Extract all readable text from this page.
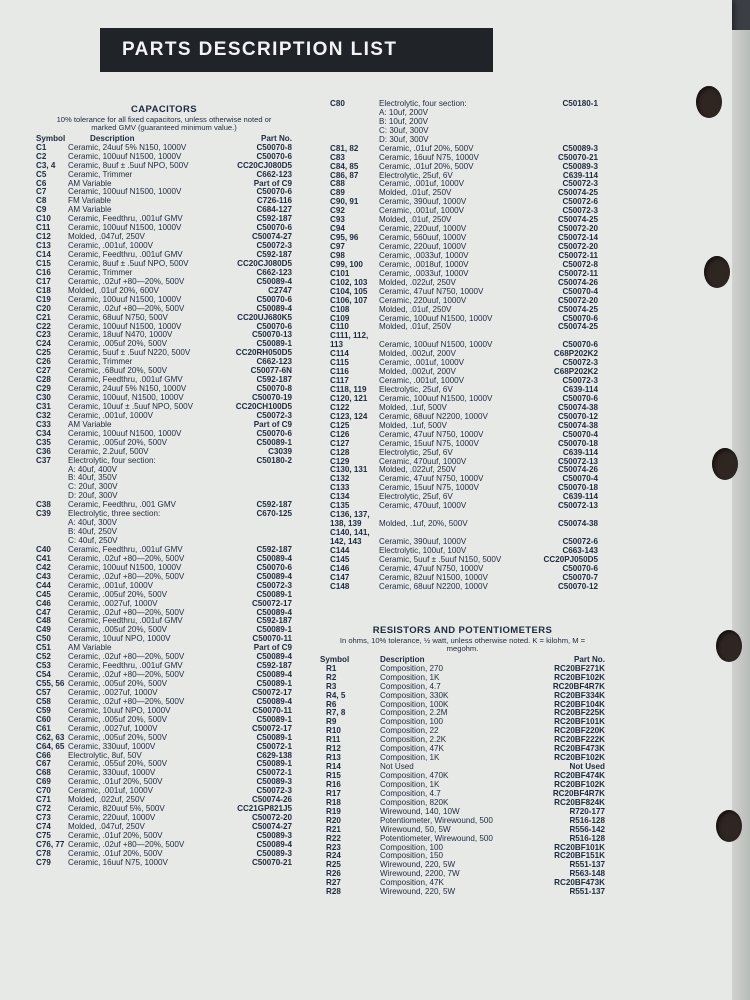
PARTS DESCRIPTION LIST
CAPACITORS
10% tolerance for all fixed capacitors, unless otherwise noted or marked GMV (guaranteed minimum value.)
Symbol	Description	Part No.
C1	Ceramic, 24uuf 5% N150, 1000V	C50070-8
C2	Ceramic, 100uuf N1500, 1000V	C50070-6
C3, 4 Ceramic, 8uuf ± .5uuf NPO, 500V	CC20CJ080D5
C5	Ceramic, Trimmer	C662-123
C6	AM Variable	Part of C9
C7	Ceramic, 100uuf N1500, 1000V	C50070-6
C8	FM Variable	C726-116
C9	AM Variable	C684-127
C10 Ceramic, Feedthru, .001uf GMV	C592-187
C11 Ceramic, 100uuf N1500, 1000V	C50070-6
C12 Molded, .047uf, 250V	C50074-27
C13 Ceramic, .001uf, 1000V	C50072-3
C14 Ceramic, Feedthru, .001uf GMV	C592-187
C15 Ceramic, 8uuf ± .5uuf NPO, 500V	CC20CJ080D5
C16 Ceramic, Trimmer	C662-123
C17 Ceramic, .02uf +80—20%, 500V	C50089-4
C18 Molded, .01uf 20%, 600V	C2747
C19 Ceramic, 100uuf N1500, 1000V	C50070-6
C20 Ceramic, .02uf +80—20%, 500V	C50089-4
C21 Ceramic, 68uuf N750, 500V	CC20UJ680K5
C22 Ceramic, 100uuf N1500, 1000V	C50070-6
C23 Ceramic, 18uuf N470, 1000V	C50070-13
C24 Ceramic, .005uf 20%, 500V	C50089-1
C25 Ceramic, 5uuf ± .5uuf N220, 500V	CC20RH050D5
C26 Ceramic, Trimmer	C662-123
C27 Ceramic, .68uuf 20%, 500V	C50077-6N
C28 Ceramic, Feedthru, .001uf GMV	C592-187
C29 Ceramic, 24uuf 5% N150, 1000V	C50070-8
C30 Ceramic, 100uuf, N1500, 1000V	C50070-19
C31 Ceramic, 10uuf ± .5uuf NPO, 500V	CC20CH100D5
C32 Ceramic, .001uf, 1000V	C50072-3
C33 AM Variable	Part of C9
C34 Ceramic, 100uuf N1500, 1000V	C50070-6
C35 Ceramic, .005uf 20%, 500V	C50089-1
C36 Ceramic, 2.2uuf, 500V	C3039
C37 Electrolytic, four section:	C50180-2
A: 40uf, 400V
B: 40uf, 350V
C: 20uf, 300V
D: 20uf, 300V
C38 Ceramic, Feedthru, .001 GMV	C592-187
C39 Electrolytic, three section:	C670-125
A: 40uf, 300V
B: 40uf, 250V
C: 40uf, 250V
C40 Ceramic, Feedthru, .001uf GMV	C592-187
C41 Ceramic, .02uf +80—20%, 500V	C50089-4
C42 Ceramic, 100uuf N1500, 1000V	C50070-6
C43 Ceramic, .02uf +80—20%, 500V	C50089-4
C44 Ceramic, .001uf, 1000V	C50072-3
C45 Ceramic, .005uf 20%, 500V	C50089-1
C46 Ceramic, .0027uf, 1000V	C50072-17
C47 Ceramic, .02uf +80—20%, 500V	C50089-4
C48 Ceramic, Feedthru, .001uf GMV	C592-187
C49 Ceramic, .005uf 20%, 500V	C50089-1
C50 Ceramic, 10uuf NPO, 1000V	C50070-11
C51 AM Variable	Part of C9
C52 Ceramic, .02uf +80—20%, 500V	C50089-4
C53 Ceramic, Feedthru, .001uf GMV	C592-187
C54 Ceramic, .02uf +80—20%, 500V	C50089-4
C55, 56 Ceramic, .005uf 20%, 500V	C50089-1
C57 Ceramic, .0027uf, 1000V	C50072-17
C58 Ceramic, .02uf +80—20%, 500V	C50089-4
C59 Ceramic, 10uuf NPO, 1000V	C50070-11
C60 Ceramic, .005uf 20%, 500V	C50089-1
C61 Ceramic, .0027uf, 1000V	C50072-17
C62, 63 Ceramic, .005uf 20%, 500V	C50089-1
C64, 65 Ceramic, 330uuf, 1000V	C50072-1
C66 Electrolytic, 8uf, 50V	C629-138
C67 Ceramic, .055uf 20%, 500V	C50089-1
C68 Ceramic, 330uuf, 1000V	C50072-1
C69 Ceramic, .01uf 20%, 500V	C50089-3
C70 Ceramic, .001uf, 1000V	C50072-3
C71 Molded, .022uf, 250V	C50074-26
C72 Ceramic, 820uuf 5%, 500V	CC21GP821J5
C73 Ceramic, 220uuf, 1000V	C50072-20
C74 Molded, .047uf, 250V	C50074-27
C75 Ceramic, .01uf 20%, 500V	C50089-3
C76, 77 Ceramic, .02uf +80—20%, 500V	C50089-4
C78 Ceramic, .01uf 20%, 500V	C50089-3
C79 Ceramic, 16uuf N75, 1000V	C50070-21
C80	Electrolytic, four section:	C50180-1
A: 10uf, 200V
B: 10uf, 200V
C: 30uf, 300V
D: 30uf, 300V
C81, 82	Ceramic, .01uf 20%, 500V	C50089-3
C83	Ceramic, 16uuf N75, 1000V	C50070-21
C84, 85	Ceramic, .01uf 20%, 500V	C50089-3
C86, 87	Electrolytic, 25uf, 6V	C639-114
C88	Ceramic, .001uf, 1000V	C50072-3
C89	Molded, .01uf, 250V	C50074-25
C90, 91	Ceramic, 390uuf, 1000V	C50072-6
C92	Ceramic, .001uf, 1000V	C50072-3
C93	Molded, .01uf, 250V	C50074-25
C94	Ceramic, 220uuf, 1000V	C50072-20
C95, 96	Ceramic, 560uuf, 1000V	C50072-14
C97	Ceramic, 220uuf, 1000V	C50072-20
C98	Ceramic, .0033uf, 1000V	C50072-11
C99, 100 Ceramic, .0018uf, 1000V	C50072-8
C101	Ceramic, .0033uf, 1000V	C50072-11
C102, 103 Molded, .022uf, 250V	C50074-26
C104, 105 Ceramic, 47uuf N750, 1000V	C50070-4
C106, 107 Ceramic, 220uuf, 1000V	C50072-20
C108	Molded, .01uf, 250V	C50074-25
C109	Ceramic, 100uuf N1500, 1000V	C50070-6
C110	Molded, .01uf, 250V	C50074-25
C111, 112,
113	Ceramic, 100uuf N1500, 1000V	C50070-6
C114	Molded, .002uf, 200V	C68P202K2
C115	Ceramic, .001uf, 1000V	C50072-3
C116	Molded, .002uf, 200V	C68P202K2
C117	Ceramic, .001uf, 1000V	C50072-3
C118, 119 Electrolytic, 25uf, 6V	C639-114
C120, 121 Ceramic, 100uuf N1500, 1000V	C50070-6
C122	Molded, .1uf, 500V	C50074-38
C123, 124 Ceramic, 68uuf N2200, 1000V	C50070-12
C125	Molded, .1uf, 500V	C50074-38
C126	Ceramic, 47uuf N750, 1000V	C50070-4
C127	Ceramic, 15uuf N75, 1000V	C50070-18
C128	Electrolytic, 25uf, 6V	C639-114
C129	Ceramic, 470uuf, 1000V	C50072-13
C130, 131 Molded, .022uf, 250V	C50074-26
C132	Ceramic, 47uuf N750, 1000V	C50070-4
C133	Ceramic, 15uuf N75, 1000V	C50070-18
C134	Electrolytic, 25uf, 6V	C639-114
C135	Ceramic, 470uuf, 1000V	C50072-13
C136, 137,
138, 139 Molded, .1uf, 20%, 500V	C50074-38
C140, 141,
142, 143 Ceramic, 390uuf, 1000V	C50072-6
C144	Electrolytic, 100uf, 100V	C663-143
C145	Ceramic, 5uuf ± .5uuf N150, 500V	CC20PJ050D5
C146	Ceramic, 47uuf N750, 1000V	C50070-6
C147	Ceramic, 82uuf N1500, 1000V	C50070-7
C148	Ceramic, 68uuf N2200, 1000V	C50070-12
RESISTORS AND POTENTIOMETERS
In ohms, 10% tolerance, ½ watt, unless otherwise noted. K = kilohm, M = megohm.
Symbol	Description	Part No.
R1	Composition, 270	RC20BF271K
R2	Composition, 1K	RC20BF102K
R3	Composition, 4.7	RC20BF4R7K
R4, 5	Composition, 330K	RC20BF334K
R6	Composition, 100K	RC20BF104K
R7, 8	Composition, 2.2M	RC20BF225K
R9	Composition, 100	RC20BF101K
R10	Composition, 22	RC20BF220K
R11	Composition, 2.2K	RC20BF222K
R12	Composition, 47K	RC20BF473K
R13	Composition, 1K	RC20BF102K
R14	Not Used	Not Used
R15	Composition, 470K	RC20BF474K
R16	Composition, 1K	RC20BF102K
R17	Composition, 4.7	RC20BF4R7K
R18	Composition, 820K	RC20BF824K
R19	Wirewound, 140, 10W	R720-177
R20	Potentiometer, Wirewound, 500	R516-128
R21	Wirewound, 50, 5W	R556-142
R22	Potentiometer, Wirewound, 500	R516-128
R23	Composition, 100	RC20BF101K
R24	Composition, 150	RC20BF151K
R25	Wirewound, 220, 5W	R551-137
R26	Wirewound, 2200, 7W	R563-148
R27	Composition, 47K	RC20BF473K
R28	Wirewound, 220, 5W	R551-137
